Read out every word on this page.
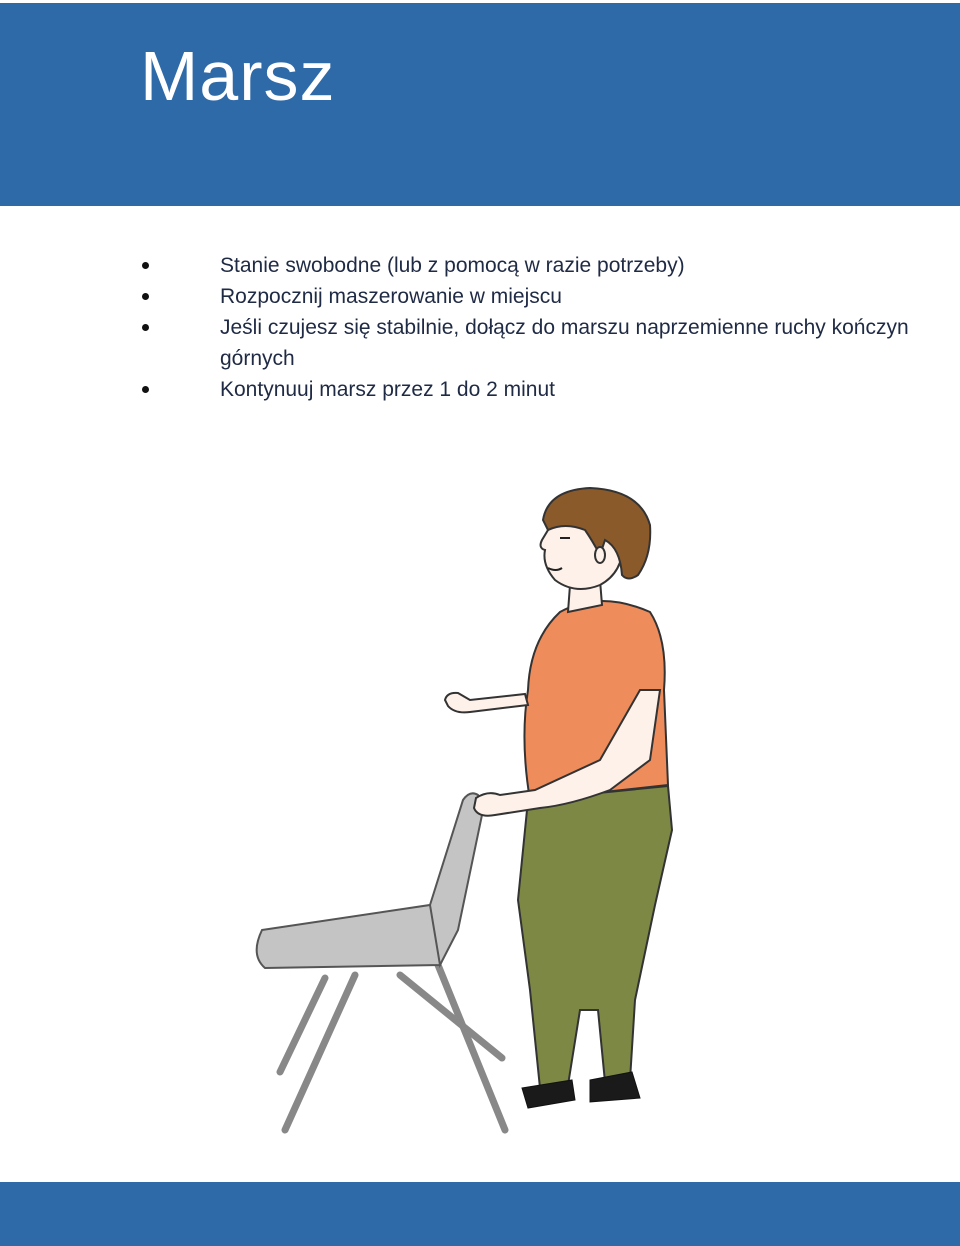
Marsz
Stanie swobodne (lub z pomocą w razie potrzeby)
Rozpocznij maszerowanie w miejscu
Jeśli czujesz się stabilnie, dołącz do marszu naprzemienne ruchy kończyn górnych
Kontynuuj marsz przez 1 do 2 minut
